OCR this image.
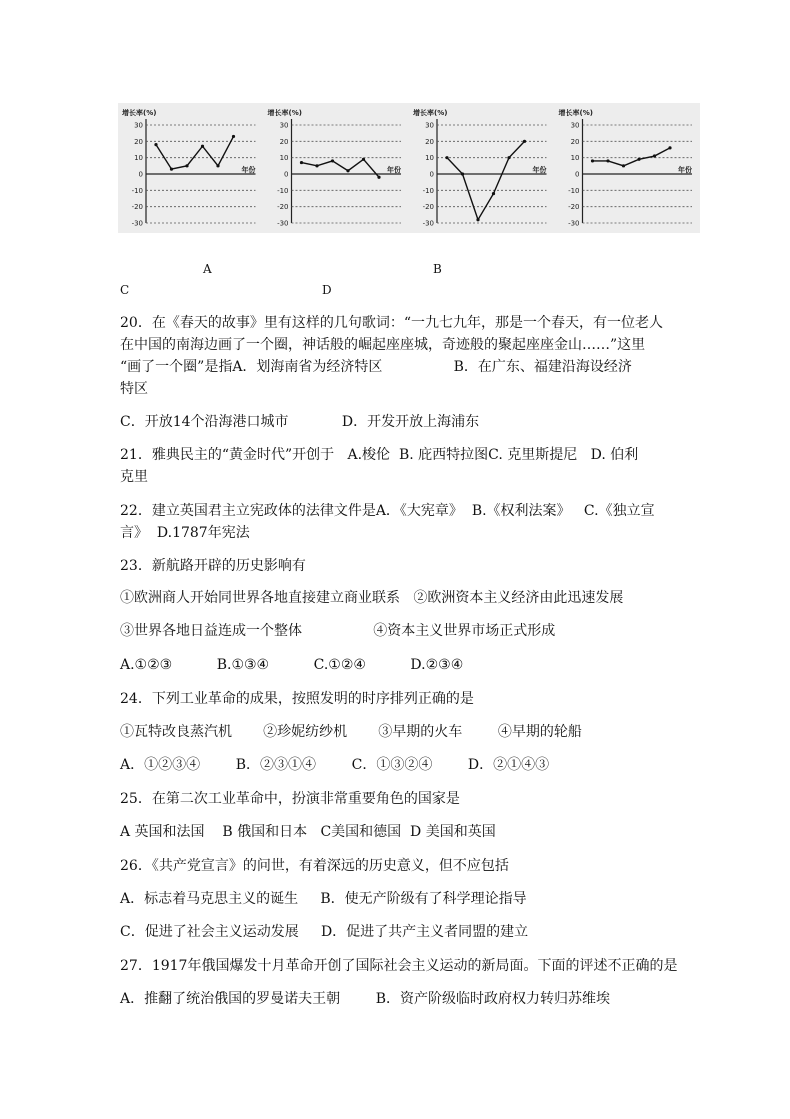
增长率(%)
30
20
10
0
-10
-20
-30
年份
增长率(%)
30
20
10
0
-10
-20
-30
年份
增长率(%)
30
20
10
0
-10
-20
-30
年份
增长率(%)
30
20
10
0
-10
-20
-30
年份
A	B
C	D
20．在《春天的故事》里有这样的几句歌词：“一九七九年，那是一个春天，有一位老人
在中国的南海边画了一个圈，神话般的崛起座座城，奇迹般的聚起座座金山……”这里
“画了一个圈”是指A．划海南省为经济特区                B．在广东、福建沿海设经济
特区
C．开放14个沿海港口城市            D．开发开放上海浦东
21．雅典民主的“黄金时代”开创于   A.梭伦  B. 庇西特拉图C. 克里斯提尼   D. 伯利
克里
22．建立英国君主立宪政体的法律文件是A．《大宪章》  B.《权利法案》   C.《独立宣
言》  D.1787年宪法
23．新航路开辟的历史影响有
①欧洲商人开始同世界各地直接建立商业联系   ②欧洲资本主义经济由此迅速发展
③世界各地日益连成一个整体                ④资本主义世界市场正式形成
A.①②③          B.①③④          C.①②④          D.②③④
24．下列工业革命的成果，按照发明的时序排列正确的是
①瓦特改良蒸汽机       ②珍妮纺纱机       ③早期的火车        ④早期的轮船
A．①②③④        B．②③①④        C．①③②④        D．②①④③
25．在第二次工业革命中，扮演非常重要角色的国家是
A 英国和法国    B 俄国和日本   C美国和德国  D 美国和英国
26．《共产党宣言》的问世，有着深远的历史意义，但不应包括
A．标志着马克思主义的诞生     B．使无产阶级有了科学理论指导
C．促进了社会主义运动发展     D．促进了共产主义者同盟的建立
27．1917年俄国爆发十月革命开创了国际社会主义运动的新局面。下面的评述不正确的是
A．推翻了统治俄国的罗曼诺夫王朝        B．资产阶级临时政府权力转归苏维埃
